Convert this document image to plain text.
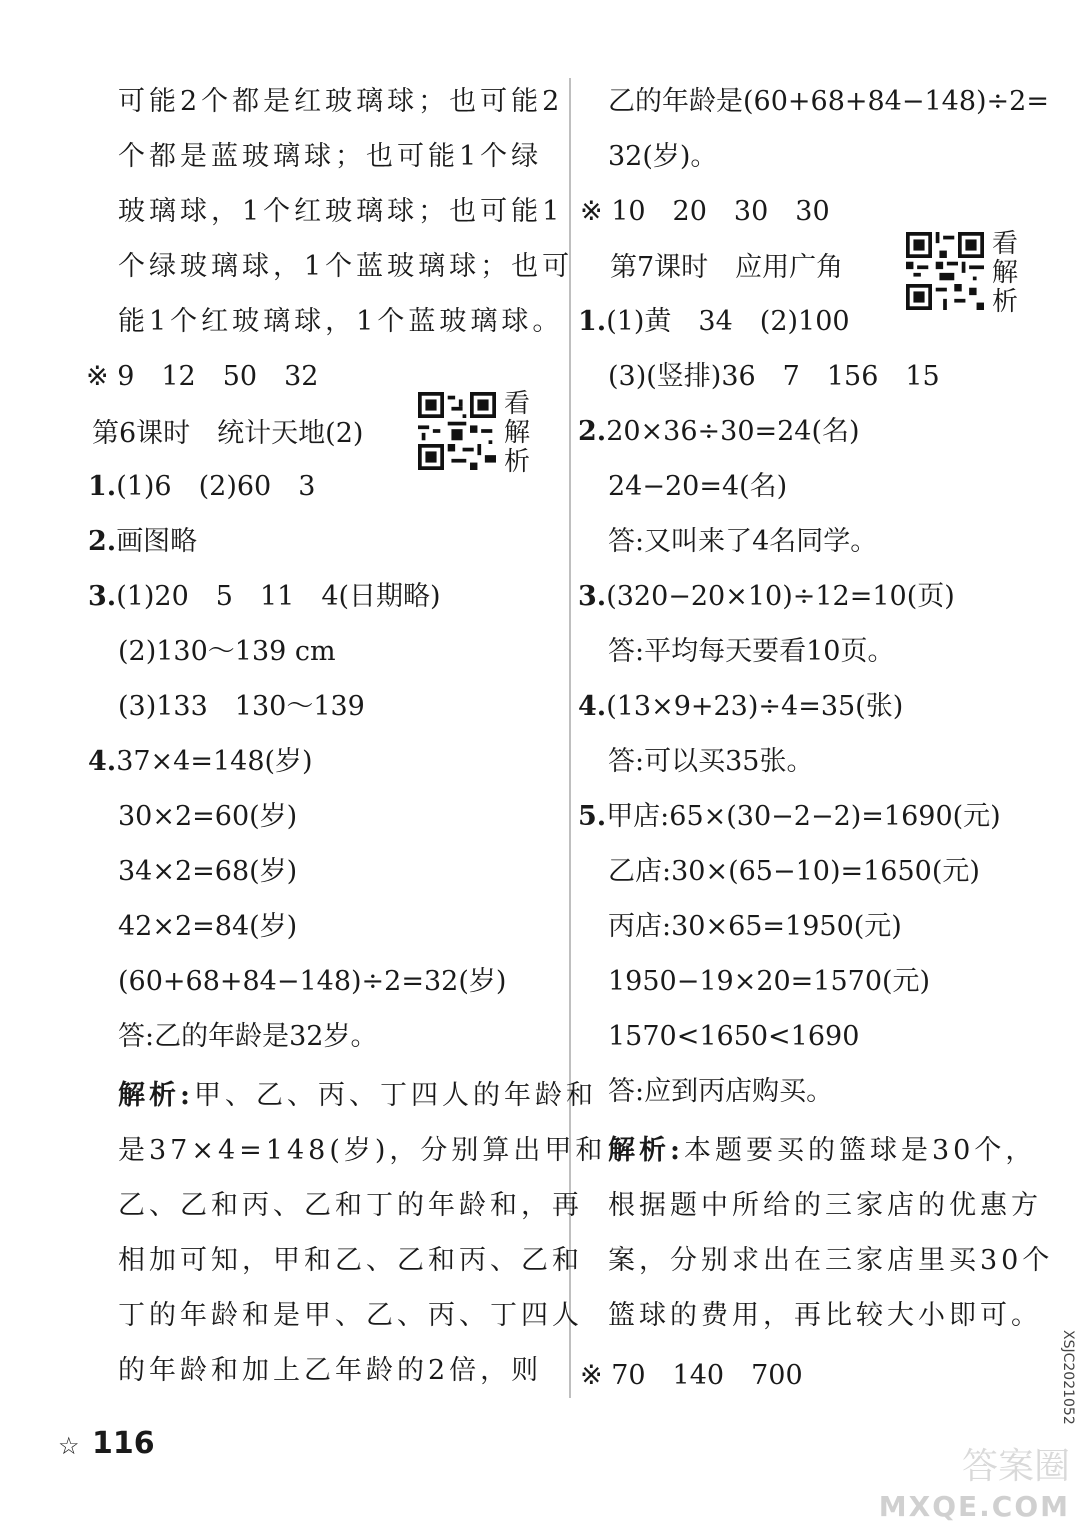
可能2个都是红玻璃球；也可能2
个都是蓝玻璃球；也可能1个绿
玻璃球，1个红玻璃球；也可能1
个绿玻璃球，1个蓝玻璃球；也可
能1个红玻璃球，1个蓝玻璃球。
※ 9　12　50　32
第6课时　统计天地(2)
看
解
析
1.(1)6　(2)60　3
2.画图略
3.(1)20　5　11　4(日期略)
(2)130～139 cm
(3)133　130～139
4.37×4=148(岁)
30×2=60(岁)
34×2=68(岁)
42×2=84(岁)
(60+68+84−148)÷2=32(岁)
答:乙的年龄是32岁。
解析:甲、乙、丙、丁四人的年龄和
是37×4=148(岁)，分别算出甲和
乙、乙和丙、乙和丁的年龄和，再
相加可知，甲和乙、乙和丙、乙和
丁的年龄和是甲、乙、丙、丁四人
的年龄和加上乙年龄的2倍，则
乙的年龄是(60+68+84−148)÷2=
32(岁)。
※ 10　20　30　30
第7课时　应用广角
看
解
析
1.(1)黄　34　(2)100
(3)(竖排)36　7　156　15
2.20×36÷30=24(名)
24−20=4(名)
答:又叫来了4名同学。
3.(320−20×10)÷12=10(页)
答:平均每天要看10页。
4.(13×9+23)÷4=35(张)
答:可以买35张。
5.甲店:65×(30−2−2)=1690(元)
乙店:30×(65−10)=1650(元)
丙店:30×65=1950(元)
1950−19×20=1570(元)
1570<1650<1690
答:应到丙店购买。
解析:本题要买的篮球是30个，
根据题中所给的三家店的优惠方
案，分别求出在三家店里买30个
篮球的费用，再比较大小即可。
※ 70　140　700
☆ 116
XSJC2021052
答案圈
MXQE.COM
